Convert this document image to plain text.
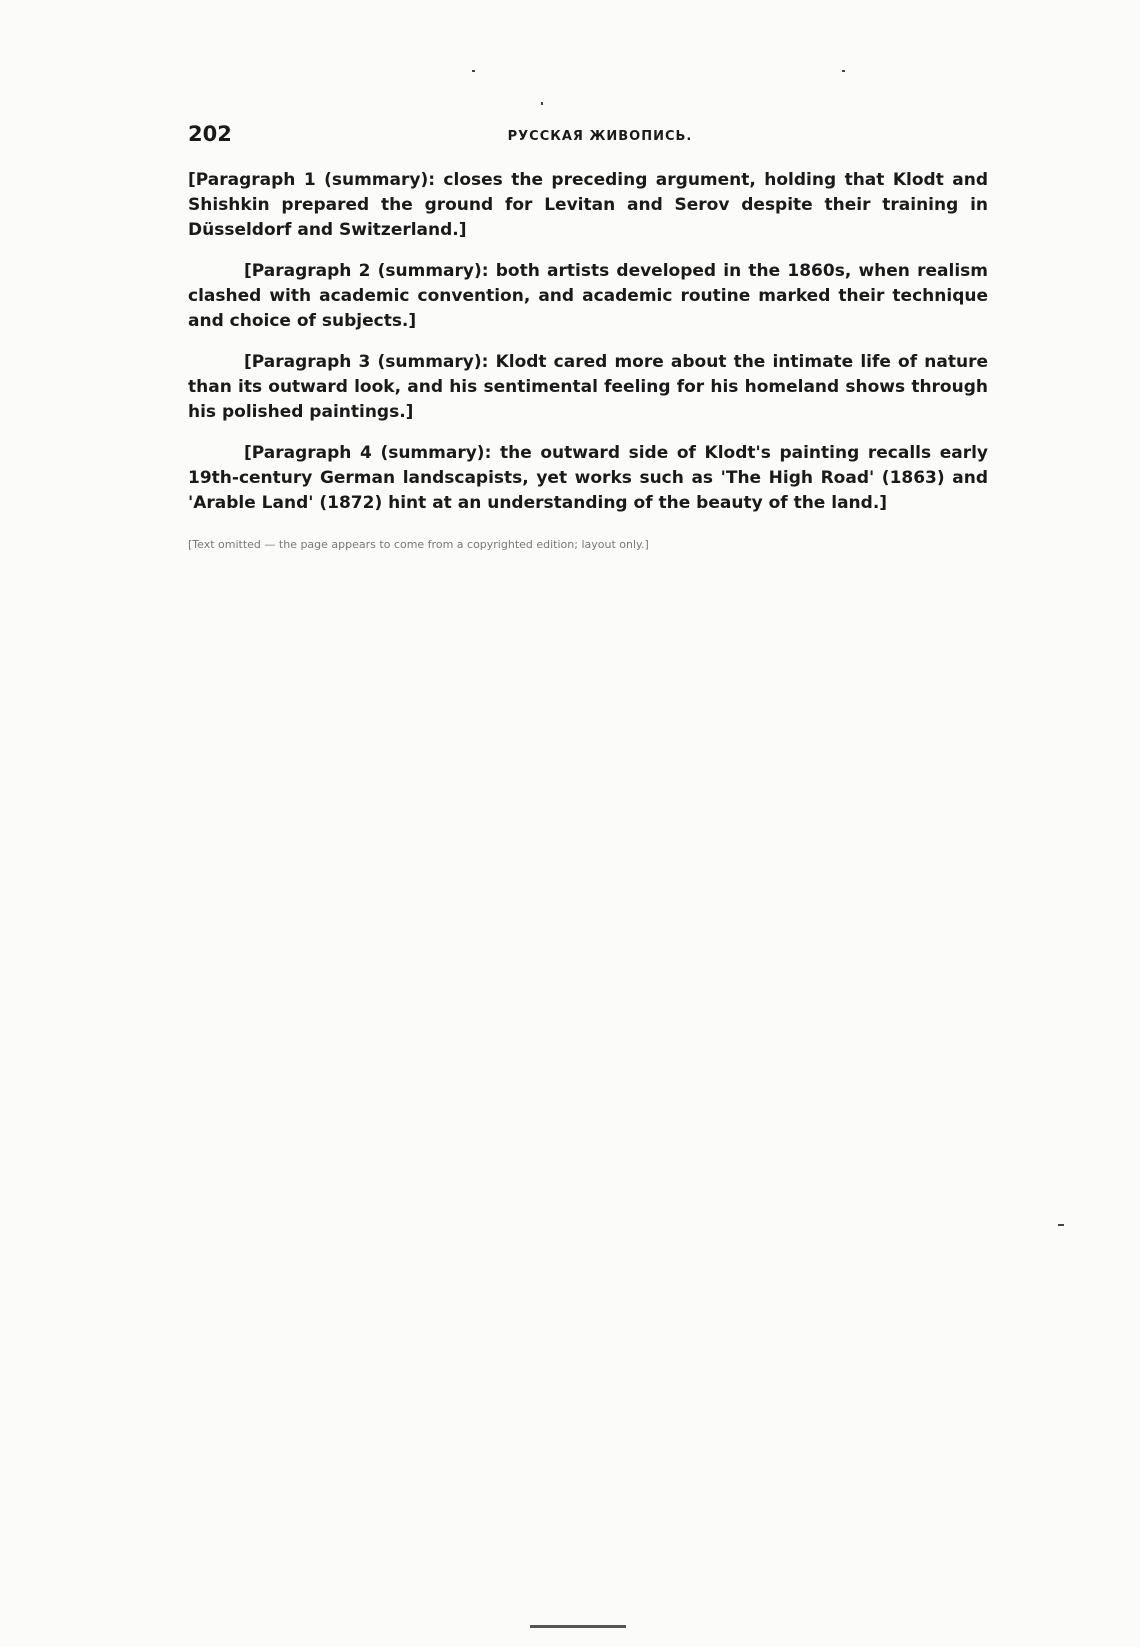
202	РУССКАЯ ЖИВОПИСЬ.

[Paragraph 1 (summary): closes the preceding argument, holding that Klodt and Shishkin prepared the ground for Levitan and Serov despite their training in Düsseldorf and Switzerland.]

[Paragraph 2 (summary): both artists developed in the 1860s, when realism clashed with academic convention, and academic routine marked their technique and choice of subjects.]

[Paragraph 3 (summary): Klodt cared more about the intimate life of nature than its outward look, and his sentimental feeling for his homeland shows through his polished paintings.]

[Paragraph 4 (summary): the outward side of Klodt's painting recalls early 19th-century German landscapists, yet works such as 'The High Road' (1863) and 'Arable Land' (1872) hint at an understanding of the beauty of the land.]

[Text omitted — the page appears to come from a copyrighted edition; layout only.]
